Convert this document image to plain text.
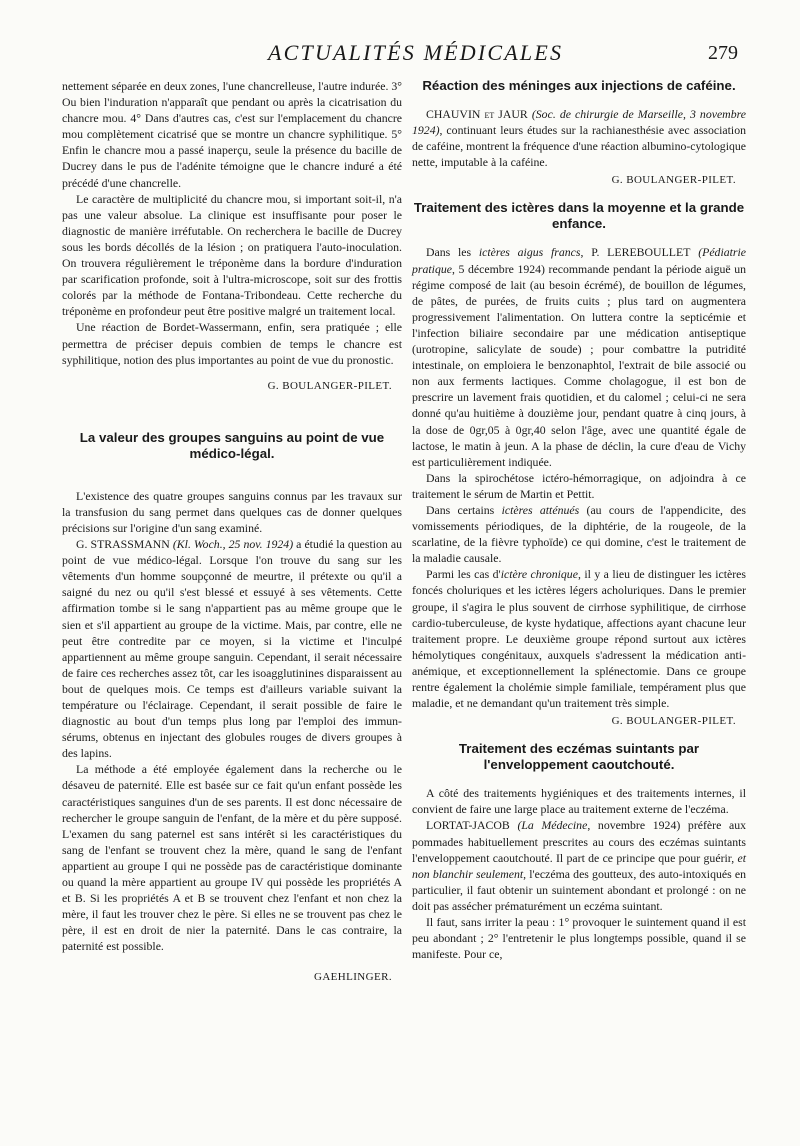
ACTUALITÉS MÉDICALES	279

nettement séparée en deux zones, l'une chancrelleuse, l'autre indurée. 3° Ou bien l'induration n'apparaît que pendant ou après la cicatrisation du chancre mou. 4° Dans d'autres cas, c'est sur l'emplacement du chancre mou complètement cicatrisé que se montre un chancre syphilitique. 5° Enfin le chancre mou a passé inaperçu, seule la présence du bacille de Ducrey dans le pus de l'adénite témoigne que le chancre induré a été précédé d'une chancrelle.

Le caractère de multiplicité du chancre mou, si important soit-il, n'a pas une valeur absolue. La clinique est insuffisante pour poser le diagnostic de manière irréfutable. On recherchera le bacille de Ducrey sous les bords décollés de la lésion ; on pratiquera l'auto-inoculation. On trouvera régulièrement le tréponème dans la bordure d'induration par scarification profonde, soit à l'ultra-microscope, soit sur des frottis colorés par la méthode de Fontana-Tribondeau. Cette recherche du tréponème en profondeur peut être positive malgré un traitement local.

Une réaction de Bordet-Wassermann, enfin, sera pratiquée ; elle permettra de préciser depuis combien de temps le chancre est syphilitique, notion des plus importantes au point de vue du pronostic.

G. BOULANGER-PILET.
La valeur des groupes sanguins au point de vue médico-légal.

L'existence des quatre groupes sanguins connus par les travaux sur la transfusion du sang permet dans quelques cas de donner quelques précisions sur l'origine d'un sang examiné.

G. STRASSMANN (Kl. Woch., 25 nov. 1924) a étudié la question au point de vue médico-légal. Lorsque l'on trouve du sang sur les vêtements d'un homme soupçonné de meurtre, il prétexte ou qu'il a saigné du nez ou qu'il s'est blessé et essuyé à ses vêtements. Cette affirmation tombe si le sang n'appartient pas au même groupe que le sien et s'il appartient au groupe de la victime. Mais, par contre, elle ne peut être contredite par ce moyen, si la victime et l'inculpé appartiennent au même groupe sanguin. Cependant, il serait nécessaire de faire ces recherches assez tôt, car les isoagglutinines disparaissent au bout de quelques mois. Ce temps est d'ailleurs variable suivant la température ou l'éclairage. Cependant, il serait possible de faire le diagnostic au bout d'un temps plus long par l'emploi des immun-sérums, obtenus en injectant des globules rouges de divers groupes à des lapins.

La méthode a été employée également dans la recherche ou le désaveu de paternité. Elle est basée sur ce fait qu'un enfant possède les caractéristiques sanguines d'un de ses parents. Il est donc nécessaire de rechercher le groupe sanguin de l'enfant, de la mère et du père supposé. L'examen du sang paternel est sans intérêt si les caractéristiques du sang de l'enfant se trouvent chez la mère, quand le sang de l'enfant appartient au groupe I qui ne possède pas de caractéristique dominante ou quand la mère appartient au groupe IV qui possède les propriétés A et B. Si les propriétés A et B se trouvent chez l'enfant et non chez la mère, il faut les trouver chez le père. Si elles ne se trouvent pas chez le père, il est en droit de nier la paternité. Dans le cas contraire, la paternité est possible.

GAEHLINGER.
Réaction des méninges aux injections de caféine.

CHAUVIN et JAUR (Soc. de chirurgie de Marseille, 3 novembre 1924), continuant leurs études sur la rachianesthésie avec association de caféine, montrent la fréquence d'une réaction albumino-cytologique nette, imputable à la caféine.

G. BOULANGER-PILET.
Traitement des ictères dans la moyenne et la grande enfance.

Dans les ictères aigus francs, P. LEREBOULLET (Pédiatrie pratique, 5 décembre 1924) recommande pendant la période aiguë un régime composé de lait (au besoin écrémé), de bouillon de légumes, de pâtes, de purées, de fruits cuits ; plus tard on augmentera progressivement l'alimentation. On luttera contre la septicémie et l'infection biliaire secondaire par une médication antiseptique (urotropine, salicylate de soude) ; pour combattre la putridité intestinale, on emploiera le benzonaphtol, l'extrait de bile associé ou non aux ferments lactiques. Comme cholagogue, il est bon de prescrire un lavement frais quotidien, et du calomel ; celui-ci ne sera donné qu'au huitième à douzième jour, pendant quatre à cinq jours, à la dose de 0gr,05 à 0gr,40 selon l'âge, avec une quantité égale de lactose, le matin à jeun. A la phase de déclin, la cure d'eau de Vichy est particulièrement indiquée.

Dans la spirochétose ictéro-hémorragique, on adjoindra à ce traitement le sérum de Martin et Pettit.

Dans certains ictères atténués (au cours de l'appendicite, des vomissements périodiques, de la diphtérie, de la rougeole, de la scarlatine, de la fièvre typhoïde) ce qui domine, c'est le traitement de la maladie causale.

Parmi les cas d'ictère chronique, il y a lieu de distinguer les ictères foncés choluriques et les ictères légers acholuriques. Dans le premier groupe, il s'agira le plus souvent de cirrhose syphilitique, de cirrhose cardio-tuberculeuse, de kyste hydatique, affections ayant chacune leur traitement propre. Le deuxième groupe répond surtout aux ictères hémolytiques congénitaux, auxquels s'adressent la médication anti-anémique, et exceptionnellement la splénectomie. Dans ce groupe rentre également la cholémie simple familiale, tempérament plus que maladie, et ne demandant qu'un traitement très simple.

G. BOULANGER-PILET.
Traitement des eczémas suintants par l'enveloppement caoutchouté.

A côté des traitements hygiéniques et des traitements internes, il convient de faire une large place au traitement externe de l'eczéma.

LORTAT-JACOB (La Médecine, novembre 1924) préfère aux pommades habituellement prescrites au cours des eczémas suintants l'enveloppement caoutchouté. Il part de ce principe que pour guérir, et non blanchir seulement, l'eczéma des goutteux, des auto-intoxiqués en particulier, il faut obtenir un suintement abondant et prolongé : on ne doit pas assécher prématurément un eczéma suintant.

Il faut, sans irriter la peau : 1° provoquer le suintement quand il est peu abondant ; 2° l'entretenir le plus longtemps possible, quand il se manifeste. Pour ce,
